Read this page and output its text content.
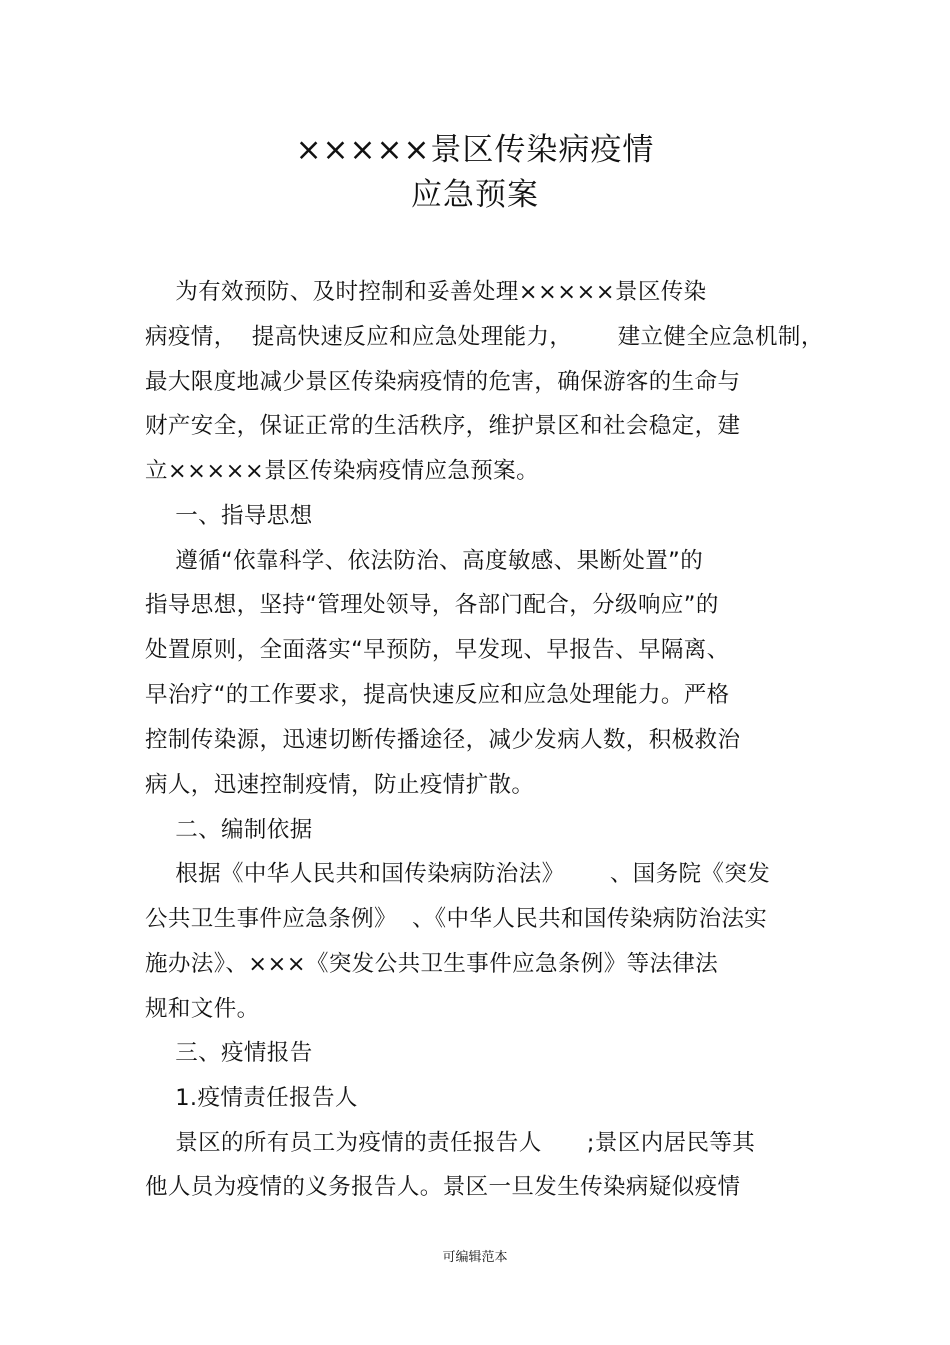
×××××景区传染病疫情
应急预案
为有效预防、及时控制和妥善处理×××××景区传染
病疫情，  提高快速反应和应急处理能力，      建立健全应急机制，
最大限度地减少景区传染病疫情的危害，确保游客的生命与
财产安全，保证正常的生活秩序，维护景区和社会稳定，建
立×××××景区传染病疫情应急预案。
一、指导思想
遵循“依靠科学、依法防治、高度敏感、果断处置”的
指导思想，坚持“管理处领导，各部门配合，分级响应”的
处置原则，全面落实“早预防，早发现、早报告、早隔离、
早治疗“的工作要求，提高快速反应和应急处理能力。严格
控制传染源，迅速切断传播途径，减少发病人数，积极救治
病人，迅速控制疫情，防止疫情扩散。
二、编制依据
根据《中华人民共和国传染病防治法》      、国务院《突发
公共卫生事件应急条例》  、《中华人民共和国传染病防治法实
施办法》、×××《突发公共卫生事件应急条例》等法律法
规和文件。
三、疫情报告
1.疫情责任报告人
景区的所有员工为疫情的责任报告人      ;景区内居民等其
他人员为疫情的义务报告人。景区一旦发生传染病疑似疫情
可编辑范本
